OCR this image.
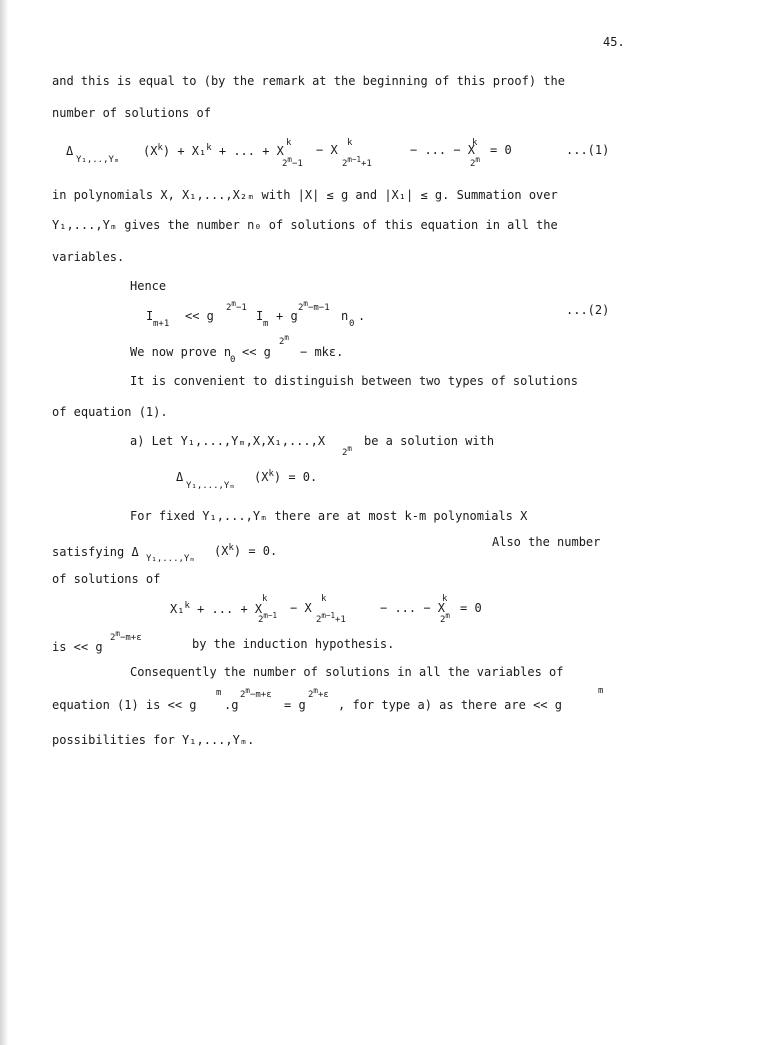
45.
and this is equal to (by the remark at the beginning of this proof) the
number of solutions of
Δ
Y₁,..,Yₘ
$(X^k) + X_1^k$ + ... + X
k
$2^m-1$
− X k
$2^{m-1}+1$
− ... − X
k
$2^m$
= 0	...(1)
in polynomials X, X₁,...,X₂ₘ with |X| ≤ g and |X₁| ≤ g. Summation over
Y₁,...,Yₘ gives the number n₀ of solutions of this equation in all the
variables.
Hence
I
m+1
<< g
$2^m-1$
I
m
+ g
$2^m-m-1$
n
0
.	...(2)
We now prove n
0
<< g
$2^m$
− mkε.
It is convenient to distinguish between two types of solutions
of equation (1).
a) Let Y₁,...,Yₘ,X,X₁,...,X
2$^m$
be a solution with
Δ
Y₁,...,Yₘ
$(X^k) = 0$.
For fixed Y₁,...,Yₘ there are at most k-m polynomials X
satisfying Δ Y₁,...,Yₘ
$(X^k) = 0$.
Also the number
of solutions of
X₁$^k$ + ... + X
k
$2^{m-1}$
− X
k
$2^{m-1}+1$
− ... − X
k
$2^m$
= 0
is << g
$2^m-m+\varepsilon$	by the induction hypothesis.
Consequently the number of solutions in all the variables of
equation (1) is << g
m
.g
$2^m-m+\varepsilon$
= g
$2^m+\varepsilon$
, for type a) as there are << g
m
possibilities for Y₁,...,Yₘ.
